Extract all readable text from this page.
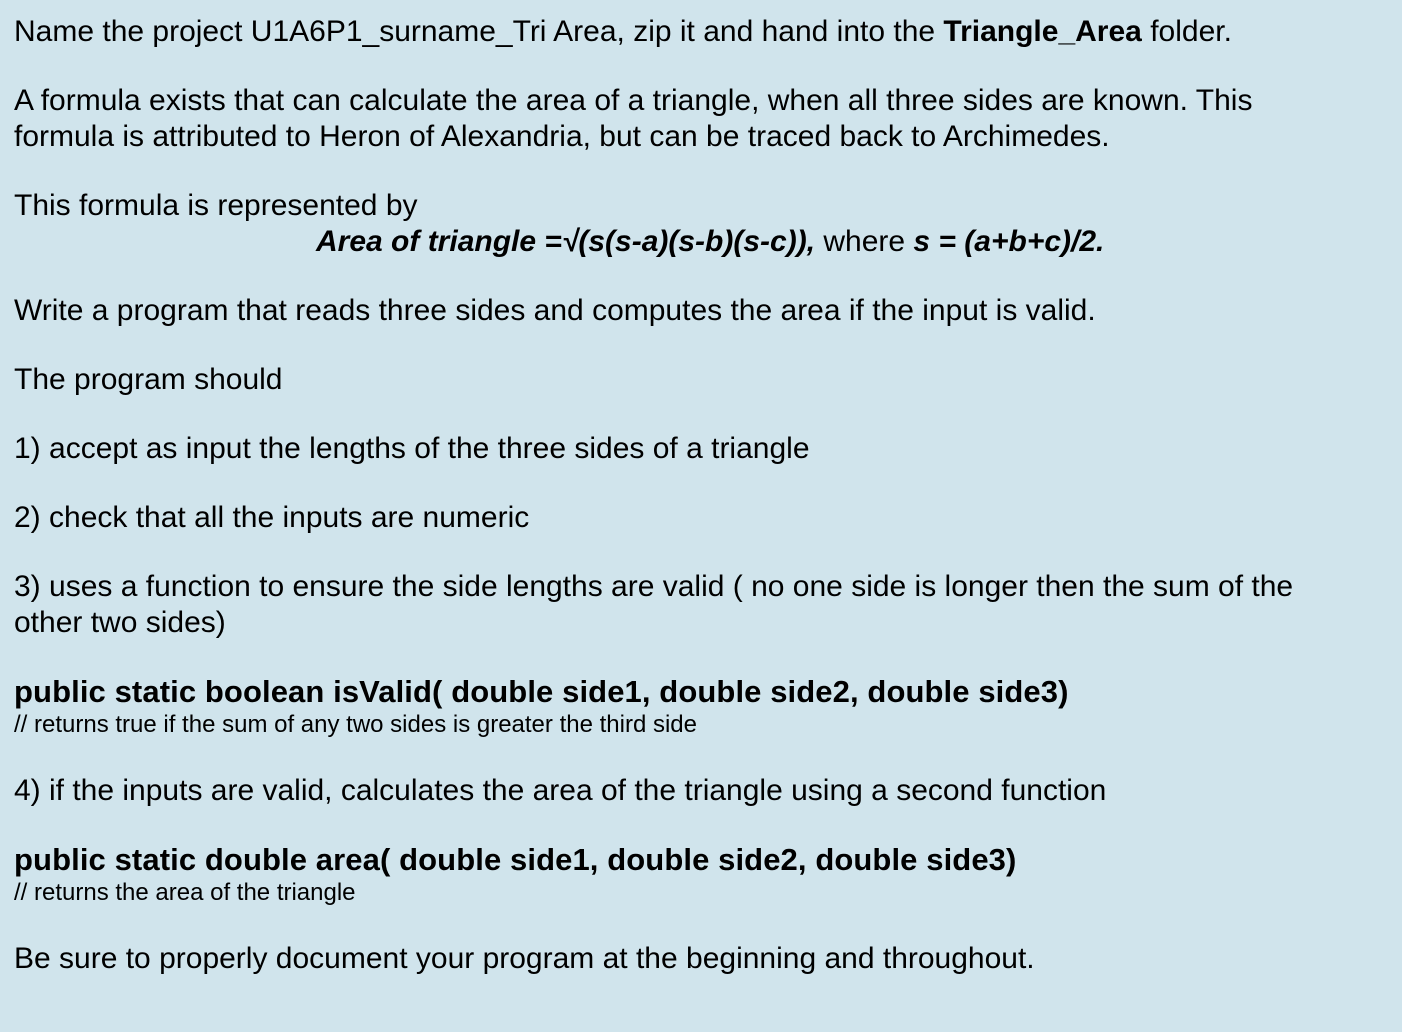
Name the project U1A6P1_surname_Tri Area, zip it and hand into the Triangle_Area folder.

A formula exists that can calculate the area of a triangle, when all three sides are known. This

formula is attributed to Heron of Alexandria, but can be traced back to Archimedes.

This formula is represented by

Area of triangle =√(s(s-a)(s-b)(s-c)), where s = (a+b+c)/2.

Write a program that reads three sides and computes the area if the input is valid.

The program should

1) accept as input the lengths of the three sides of a triangle

2) check that all the inputs are numeric

3) uses a function to ensure the side lengths are valid ( no one side is longer then the sum of the

other two sides)

public static boolean isValid( double side1, double side2, double side3)

// returns true if the sum of any two sides is greater the third side

4) if the inputs are valid, calculates the area of the triangle using a second function

public static double area( double side1, double side2, double side3)

// returns the area of the triangle

Be sure to properly document your program at the beginning and throughout.
